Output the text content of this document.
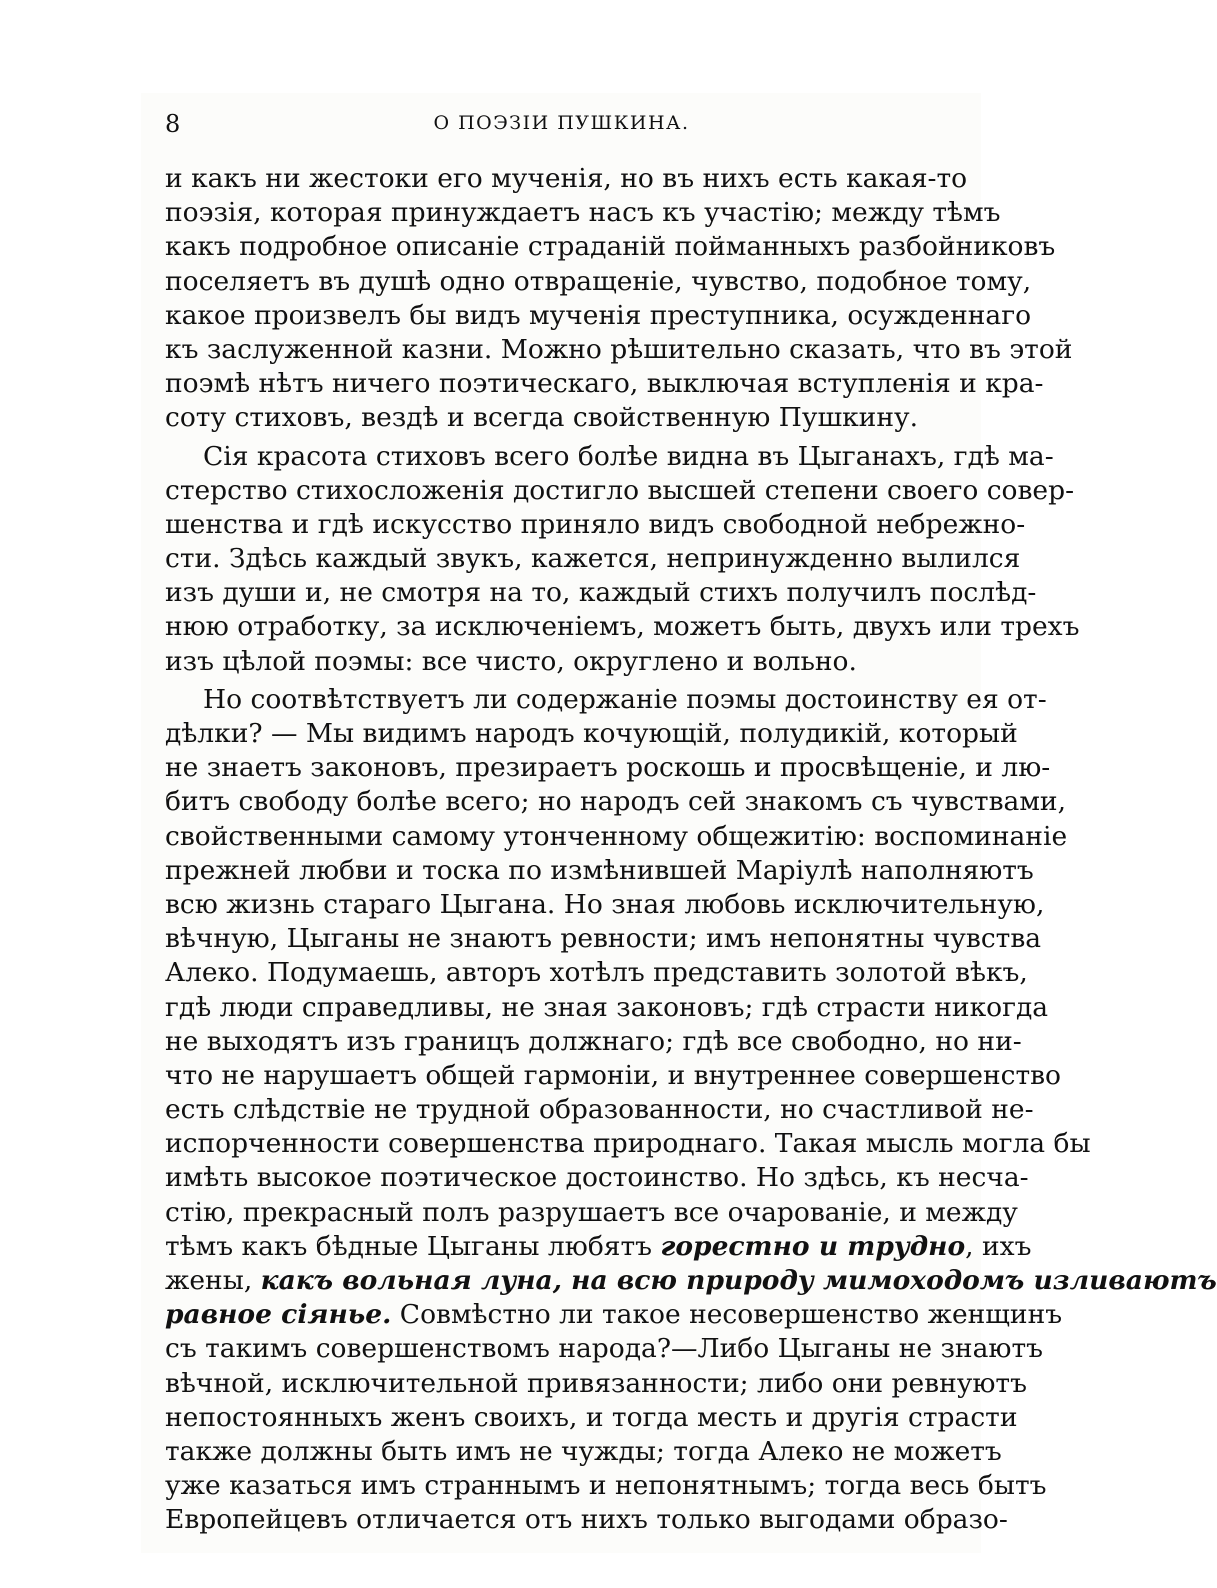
8	О ПОЭЗІИ ПУШКИНА.
и какъ ни жестоки его мученія, но въ нихъ есть какая-то
поэзія, которая принуждаетъ насъ къ участію; между тѣмъ
какъ подробное описаніе страданій пойманныхъ разбойниковъ
поселяетъ въ душѣ одно отвращеніе, чувство, подобное тому,
какое произвелъ бы видъ мученія преступника, осужденнаго
къ заслуженной казни. Можно рѣшительно сказать, что въ этой
поэмѣ нѣтъ ничего поэтическаго, выключая вступленія и кра-
соту стиховъ, вездѣ и всегда свойственную Пушкину.
Сія красота стиховъ всего болѣе видна въ Цыганахъ, гдѣ ма-
стерство стихосложенія достигло высшей степени своего совер-
шенства и гдѣ искусство приняло видъ свободной небрежно-
сти. Здѣсь каждый звукъ, кажется, непринужденно вылился
изъ души и, не смотря на то, каждый стихъ получилъ послѣд-
нюю отработку, за исключеніемъ, можетъ быть, двухъ или трехъ
изъ цѣлой поэмы: все чисто, округлено и вольно.
Но соотвѣтствуетъ ли содержаніе поэмы достоинству ея от-
дѣлки? — Мы видимъ народъ кочующій, полудикій, который
не знаетъ законовъ, презираетъ роскошь и просвѣщеніе, и лю-
битъ свободу болѣе всего; но народъ сей знакомъ съ чувствами,
свойственными самому утонченному общежитію: воспоминаніе
прежней любви и тоска по измѣнившей Маріулѣ наполняютъ
всю жизнь стараго Цыгана. Но зная любовь исключительную,
вѣчную, Цыганы не знаютъ ревности; имъ непонятны чувства
Алеко. Подумаешь, авторъ хотѣлъ представить золотой вѣкъ,
гдѣ люди справедливы, не зная законовъ; гдѣ страсти никогда
не выходятъ изъ границъ должнаго; гдѣ все свободно, но ни-
что не нарушаетъ общей гармоніи, и внутреннее совершенство
есть слѣдствіе не трудной образованности, но счастливой не-
испорченности совершенства природнаго. Такая мысль могла бы
имѣть высокое поэтическое достоинство. Но здѣсь, къ несча-
стію, прекрасный полъ разрушаетъ все очарованіе, и между
тѣмъ какъ бѣдные Цыганы любятъ горестно и трудно, ихъ
жены, какъ вольная луна, на всю природу мимоходомъ изливаютъ
равное сіянье. Совмѣстно ли такое несовершенство женщинъ
съ такимъ совершенствомъ народа?—Либо Цыганы не знаютъ
вѣчной, исключительной привязанности; либо они ревнуютъ
непостоянныхъ женъ своихъ, и тогда месть и другія страсти
также должны быть имъ не чужды; тогда Алеко не можетъ
уже казаться имъ страннымъ и непонятнымъ; тогда весь бытъ
Европейцевъ отличается отъ нихъ только выгодами образо-
